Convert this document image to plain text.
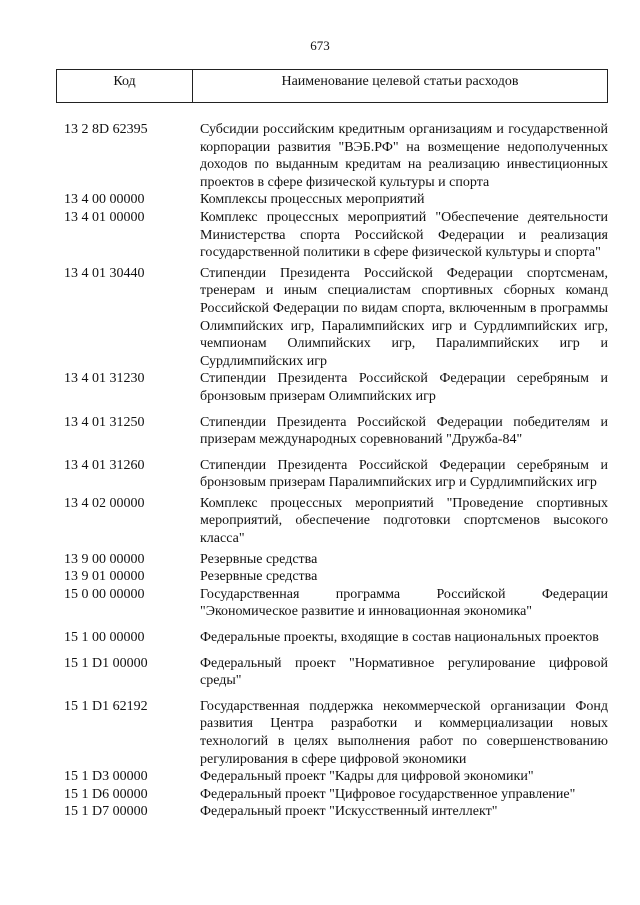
673
Код	Наименование целевой статьи расходов
13 2 8D 62395	Субсидии российским кредитным организациям и государственной корпорации развития "ВЭБ.РФ" на возмещение недополученных доходов по выданным кредитам на реализацию инвестиционных проектов в сфере физической культуры и спорта
13 4 00 00000	Комплексы процессных мероприятий
13 4 01 00000	Комплекс процессных мероприятий "Обеспечение деятельности Министерства спорта Российской Федерации и реализация государственной политики в сфере физической культуры и спорта"
13 4 01 30440	Стипендии Президента Российской Федерации спортсменам, тренерам и иным специалистам спортивных сборных команд Российской Федерации по видам спорта, включенным в программы Олимпийских игр, Паралимпийских игр и Сурдлимпийских игр, чемпионам Олимпийских игр, Паралимпийских игр и Сурдлимпийских игр
13 4 01 31230	Стипендии Президента Российской Федерации серебряным и бронзовым призерам Олимпийских игр
13 4 01 31250	Стипендии Президента Российской Федерации победителям и призерам международных соревнований "Дружба-84"
13 4 01 31260	Стипендии Президента Российской Федерации серебряным и бронзовым призерам Паралимпийских игр и Сурдлимпийских игр
13 4 02 00000	Комплекс процессных мероприятий "Проведение спортивных мероприятий, обеспечение подготовки спортсменов высокого класса"
13 9 00 00000	Резервные средства
13 9 01 00000	Резервные средства
15 0 00 00000	Государственная программа Российской Федерации "Экономическое развитие и инновационная экономика"
15 1 00 00000	Федеральные проекты, входящие в состав национальных проектов
15 1 D1 00000	Федеральный проект "Нормативное регулирование цифровой среды"
15 1 D1 62192	Государственная поддержка некоммерческой организации Фонд развития Центра разработки и коммерциализации новых технологий в целях выполнения работ по совершенствованию регулирования в сфере цифровой экономики
15 1 D3 00000	Федеральный проект "Кадры для цифровой экономики"
15 1 D6 00000	Федеральный проект "Цифровое государственное управление"
15 1 D7 00000	Федеральный проект "Искусственный интеллект"
